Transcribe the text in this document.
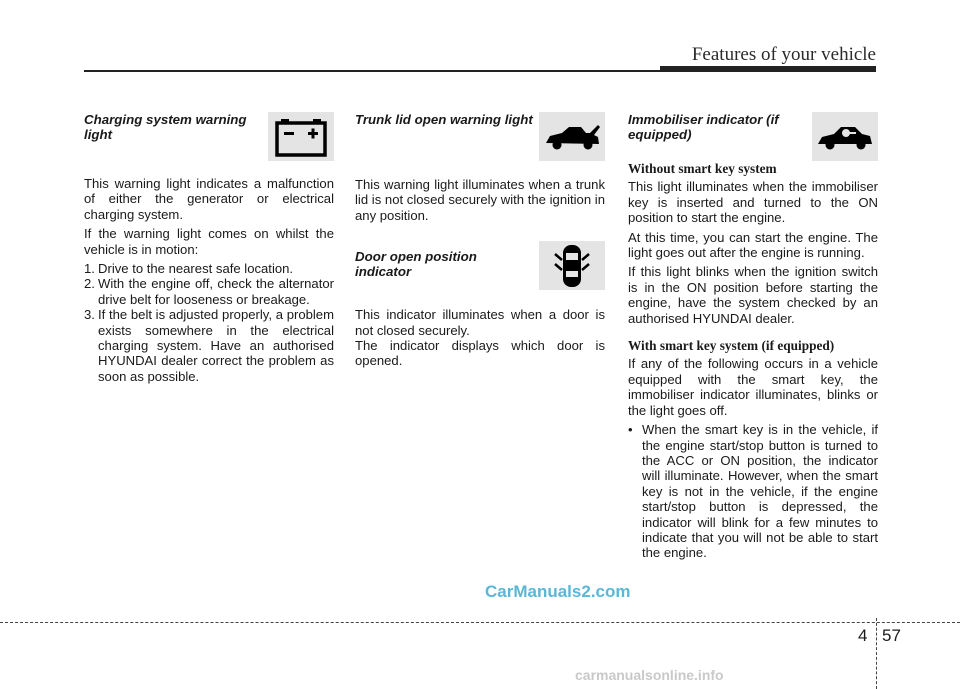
Features of your vehicle
Charging system warning light

This warning light indicates a malfunction of either the generator or electrical charging system.

If the warning light comes on whilst the vehicle is in motion:

1. Drive to the nearest safe location.
2. With the engine off, check the alternator drive belt for looseness or breakage.
3. If the belt is adjusted properly, a problem exists somewhere in the electrical charging system. Have an authorised HYUNDAI dealer correct the problem as soon as possible.
Trunk lid open warning light

This warning light illuminates when a trunk lid is not closed securely with the ignition in any position.

Door open position indicator

This indicator illuminates when a door is not closed securely.

The indicator displays which door is opened.

Immobiliser indicator (if equipped)

Without smart key system

This light illuminates when the immobiliser key is inserted and turned to the ON position to start the engine.

At this time, you can start the engine. The light goes out after the engine is running.

If this light blinks when the ignition switch is in the ON position before starting the engine, have the system checked by an authorised HYUNDAI dealer.

With smart key system (if equipped)

If any of the following occurs in a vehicle equipped with the smart key, the immobiliser indicator illuminates, blinks or the light goes off.

• When the smart key is in the vehicle, if the engine start/stop button is turned to the ACC or ON position, the indicator will illuminate. However, when the smart key is not in the vehicle, if the engine start/stop button is depressed, the indicator will blink for a few minutes to indicate that you will not be able to start the engine.
CarManuals2.com
4 57
carmanualsonline.info
